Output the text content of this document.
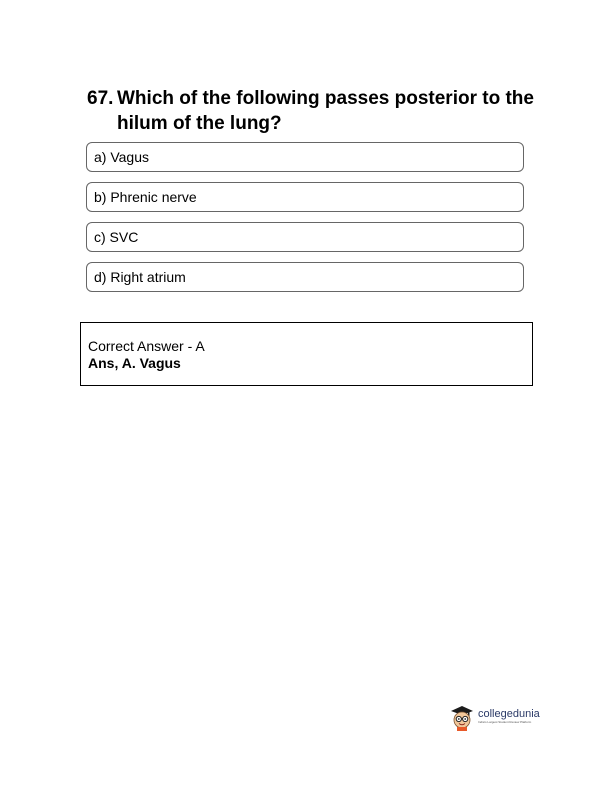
67. Which of the following passes posterior to the hilum of the lung?
a) Vagus
b) Phrenic nerve
c) SVC
d) Right atrium
Correct Answer - A
Ans, A. Vagus
collegedunia
India's Largest Student Review Platform
